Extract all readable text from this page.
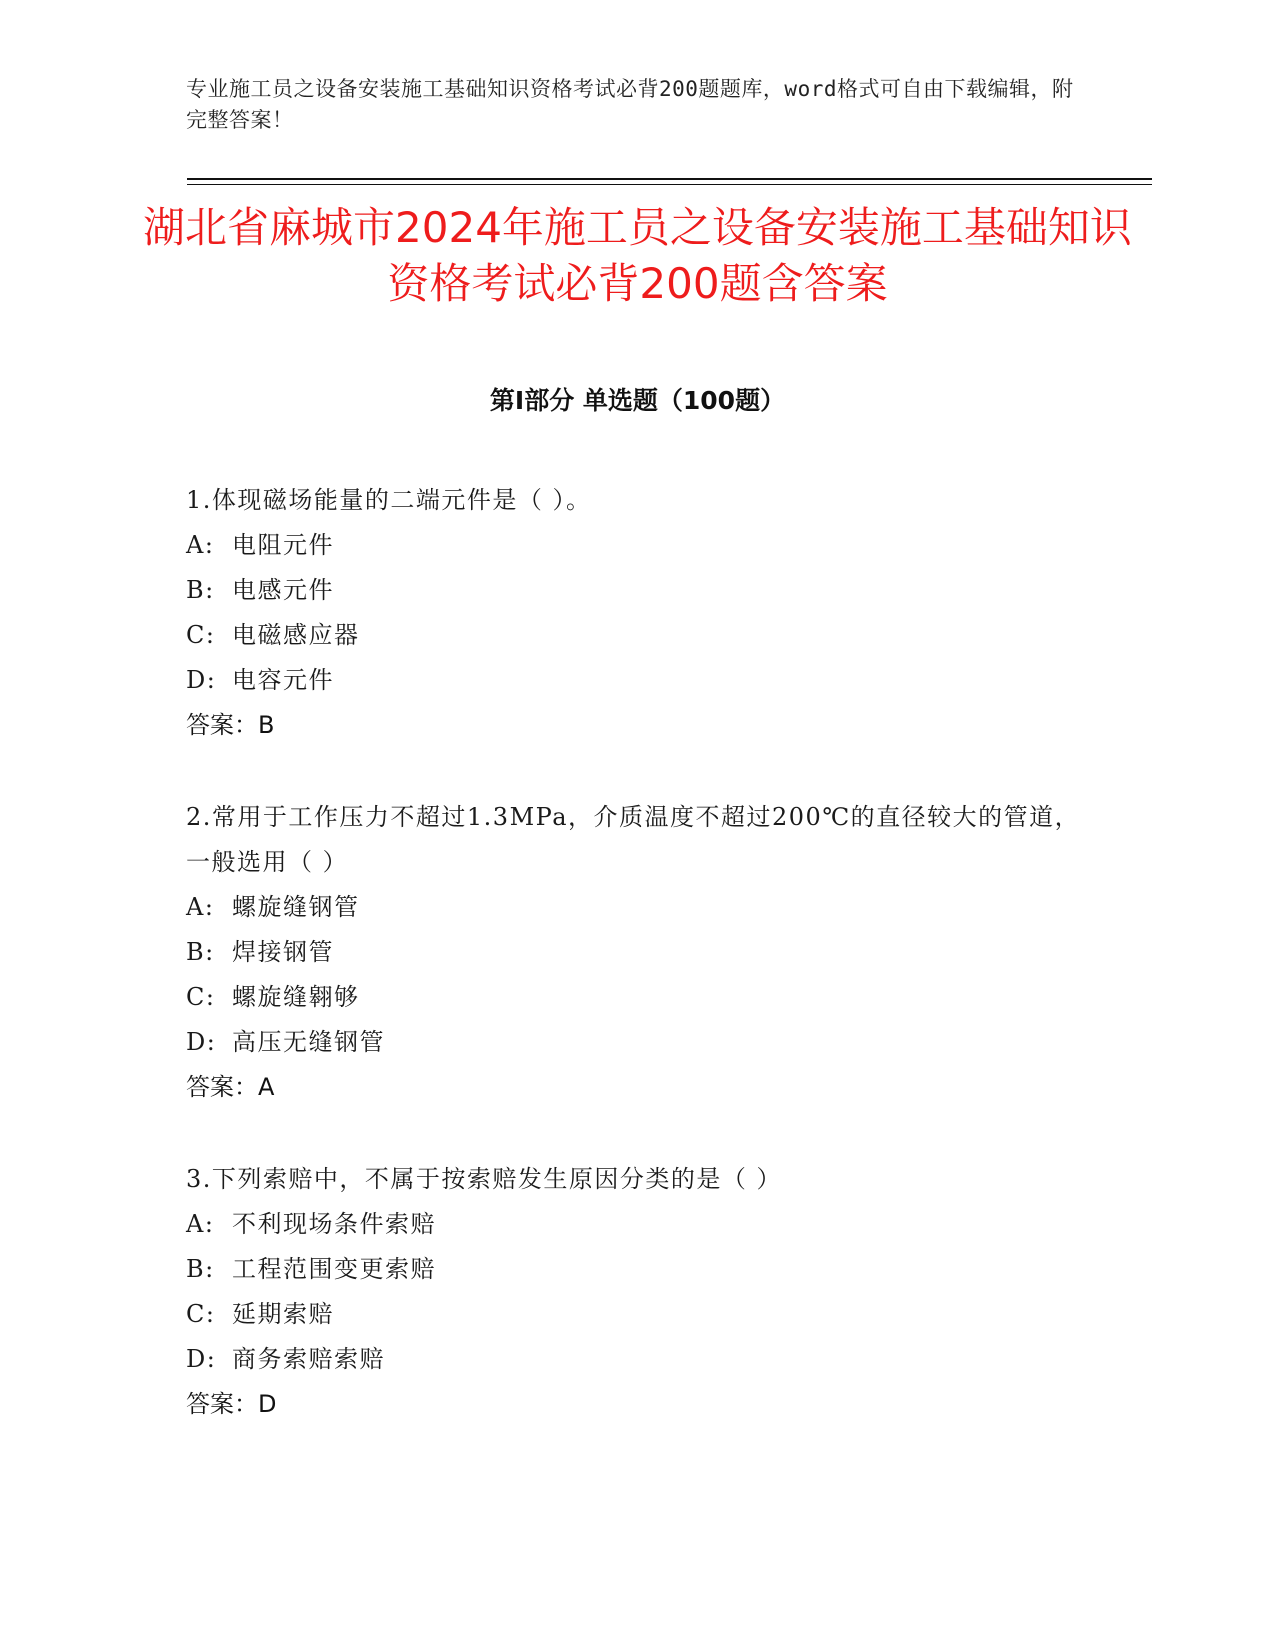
专业施工员之设备安装施工基础知识资格考试必背200题题库，word格式可自由下载编辑，附完整答案！
湖北省麻城市2024年施工员之设备安装施工基础知识资格考试必背200题含答案
第I部分 单选题（100题）

1.体现磁场能量的二端元件是（ ）。

A: 电阻元件
B: 电感元件
C: 电磁感应器
D: 电容元件
答案：B

2.常用于工作压力不超过1.3MPa，介质温度不超过200℃的直径较大的管道，一般选用（ ）

A: 螺旋缝钢管
B: 焊接钢管
C: 螺旋缝翱够
D: 高压无缝钢管
答案：A

3.下列索赔中，不属于按索赔发生原因分类的是（ ）

A: 不利现场条件索赔
B: 工程范围变更索赔
C: 延期索赔
D: 商务索赔索赔
答案：D
